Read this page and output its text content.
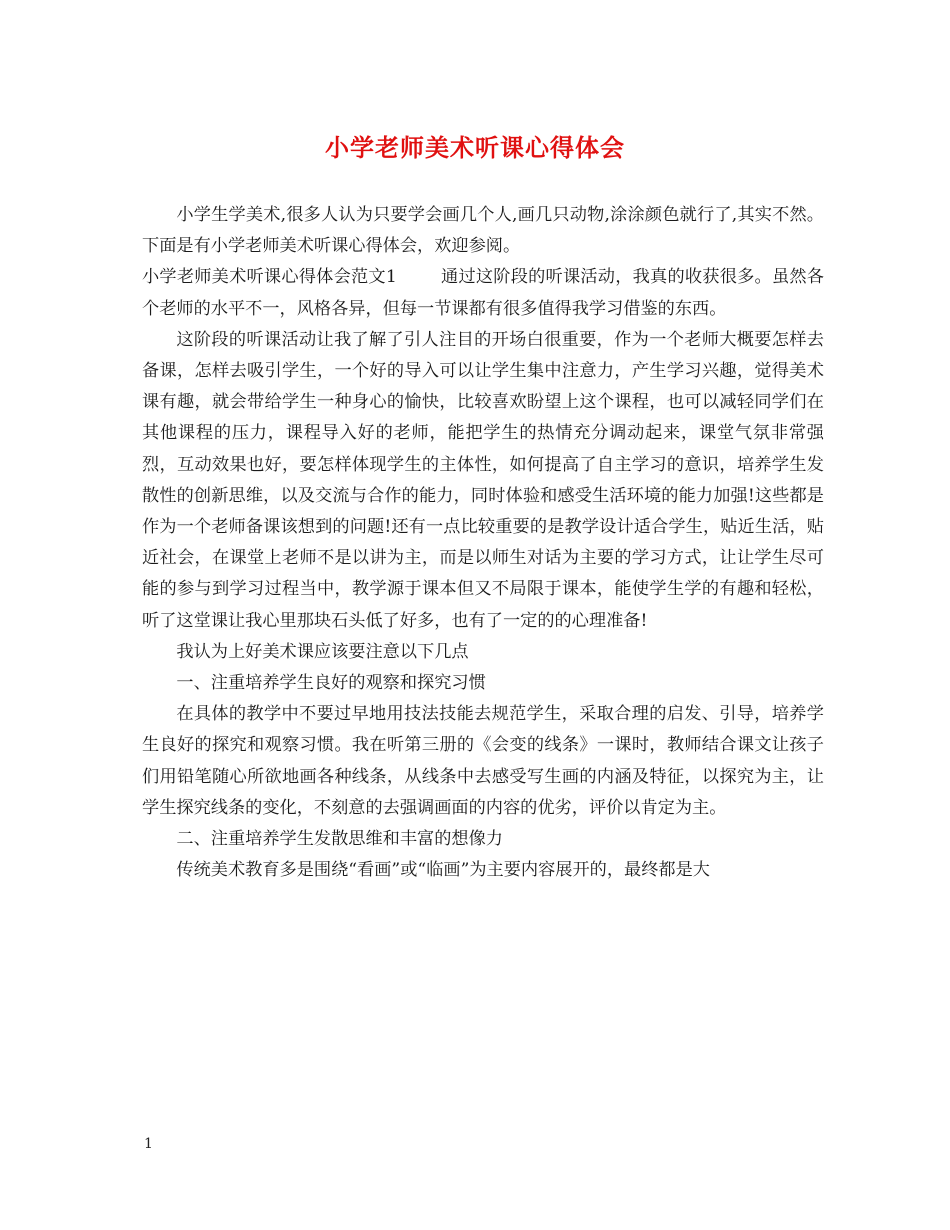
小学老师美术听课心得体会

小学生学美术,很多人认为只要学会画几个人,画几只动物,涂涂颜色就行了,其实不然。下面是有小学老师美术听课心得体会，欢迎参阅。

小学老师美术听课心得体会范文1	通过这阶段的听课活动，我真的收获很多。虽然各个老师的水平不一，风格各异，但每一节课都有很多值得我学习借鉴的东西。

这阶段的听课活动让我了解了引人注目的开场白很重要，作为一个老师大概要怎样去备课，怎样去吸引学生，一个好的导入可以让学生集中注意力，产生学习兴趣，觉得美术课有趣，就会带给学生一种身心的愉快，比较喜欢盼望上这个课程，也可以减轻同学们在其他课程的压力，课程导入好的老师，能把学生的热情充分调动起来，课堂气氛非常强烈，互动效果也好，要怎样体现学生的主体性，如何提高了自主学习的意识，培养学生发散性的创新思维，以及交流与合作的能力，同时体验和感受生活环境的能力加强!这些都是作为一个老师备课该想到的问题!还有一点比较重要的是教学设计适合学生，贴近生活，贴近社会，在课堂上老师不是以讲为主，而是以师生对话为主要的学习方式，让让学生尽可能的参与到学习过程当中，教学源于课本但又不局限于课本，能使学生学的有趣和轻松，听了这堂课让我心里那块石头低了好多，也有了一定的的心理准备!

我认为上好美术课应该要注意以下几点

一、注重培养学生良好的观察和探究习惯

在具体的教学中不要过早地用技法技能去规范学生，采取合理的启发、引导，培养学生良好的探究和观察习惯。我在听第三册的《会变的线条》一课时，教师结合课文让孩子们用铅笔随心所欲地画各种线条，从线条中去感受写生画的内涵及特征，以探究为主，让学生探究线条的变化，不刻意的去强调画面的内容的优劣，评价以肯定为主。

二、注重培养学生发散思维和丰富的想像力

传统美术教育多是围绕“看画”或“临画”为主要内容展开的，最终都是大

1
